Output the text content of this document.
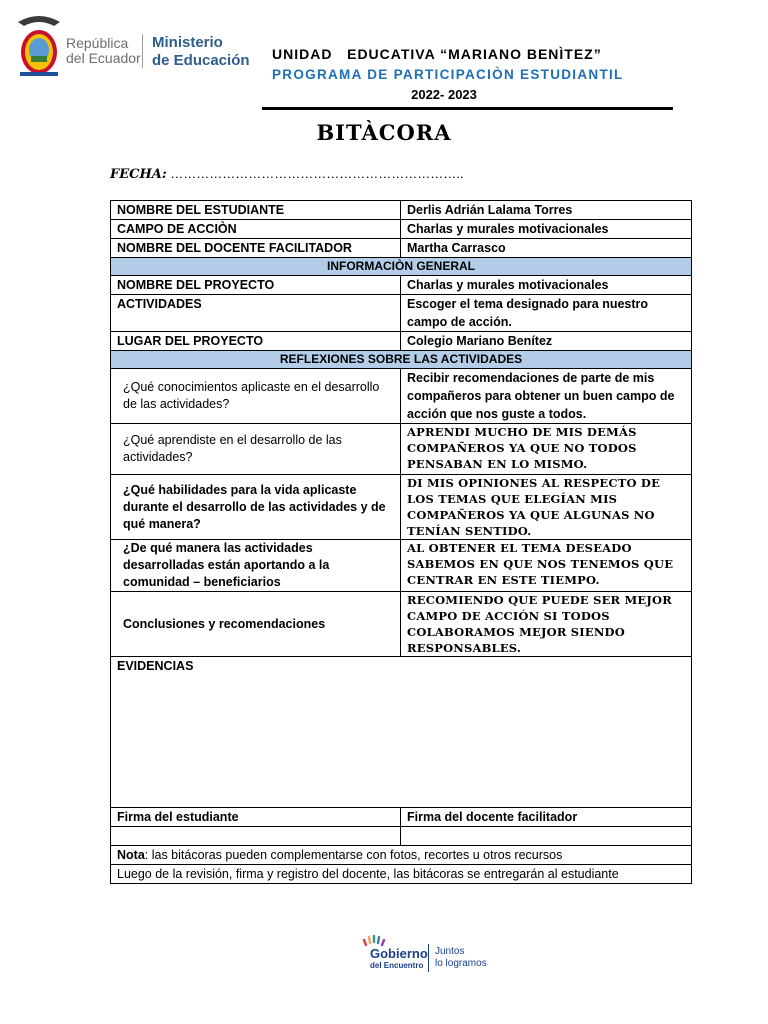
República
del Ecuador
Ministerio
de Educación UNIDAD   EDUCATIVA “MARIANO BENÌTEZ”
PROGRAMA DE PARTICIPACIÒN ESTUDIANTIL
2022- 2023
BITÀCORA
FECHA: …………………………………………………………..
NOMBRE DEL ESTUDIANTE	Derlis Adrián Lalama Torres
CAMPO DE ACCIÒN	Charlas y murales motivacionales
NOMBRE DEL DOCENTE FACILITADOR	Martha Carrasco
INFORMACIÒN GENERAL	
NOMBRE DEL PROYECTO	Charlas y murales motivacionales
ACTIVIDADES	Escoger el tema designado para nuestro campo de acción.
LUGAR DEL PROYECTO	Colegio Mariano Benítez
REFLEXIONES SOBRE LAS ACTIVIDADES	
¿Qué conocimientos aplicaste en el desarrollo de las actividades?	Recibir recomendaciones de parte de mis compañeros para obtener un buen campo de acción que nos guste a todos.
¿Qué aprendiste en el desarrollo de las actividades?	APRENDI MUCHO DE MIS DEMÁS COMPAÑEROS YA QUE NO TODOS PENSABAN EN LO MISMO.
¿Qué habilidades para la vida aplicaste durante el desarrollo de las actividades y de qué manera?	DI MIS OPINIONES AL RESPECTO DE LOS TEMAS QUE ELEGÍAN MIS COMPAÑEROS YA QUE ALGUNAS NO TENÍAN SENTIDO.
¿De qué manera las actividades desarrolladas están aportando a la comunidad – beneficiarios	AL OBTENER EL TEMA DESEADO SABEMOS EN QUE NOS TENEMOS QUE CENTRAR EN ESTE TIEMPO.
Conclusiones y recomendaciones	RECOMIENDO QUE PUEDE SER MEJOR CAMPO DE ACCIÓN SI TODOS COLABORAMOS MEJOR SIENDO RESPONSABLES.
EVIDENCIAS	
Firma del estudiante	Firma del docente facilitador

Nota: las bitácoras pueden complementarse con fotos, recortes u otros recursos	
Luego de la revisión, firma y registro del docente, las bitácoras se entregarán al estudiante	
Gobierno
del Encuentro
Juntos
lo logramos
